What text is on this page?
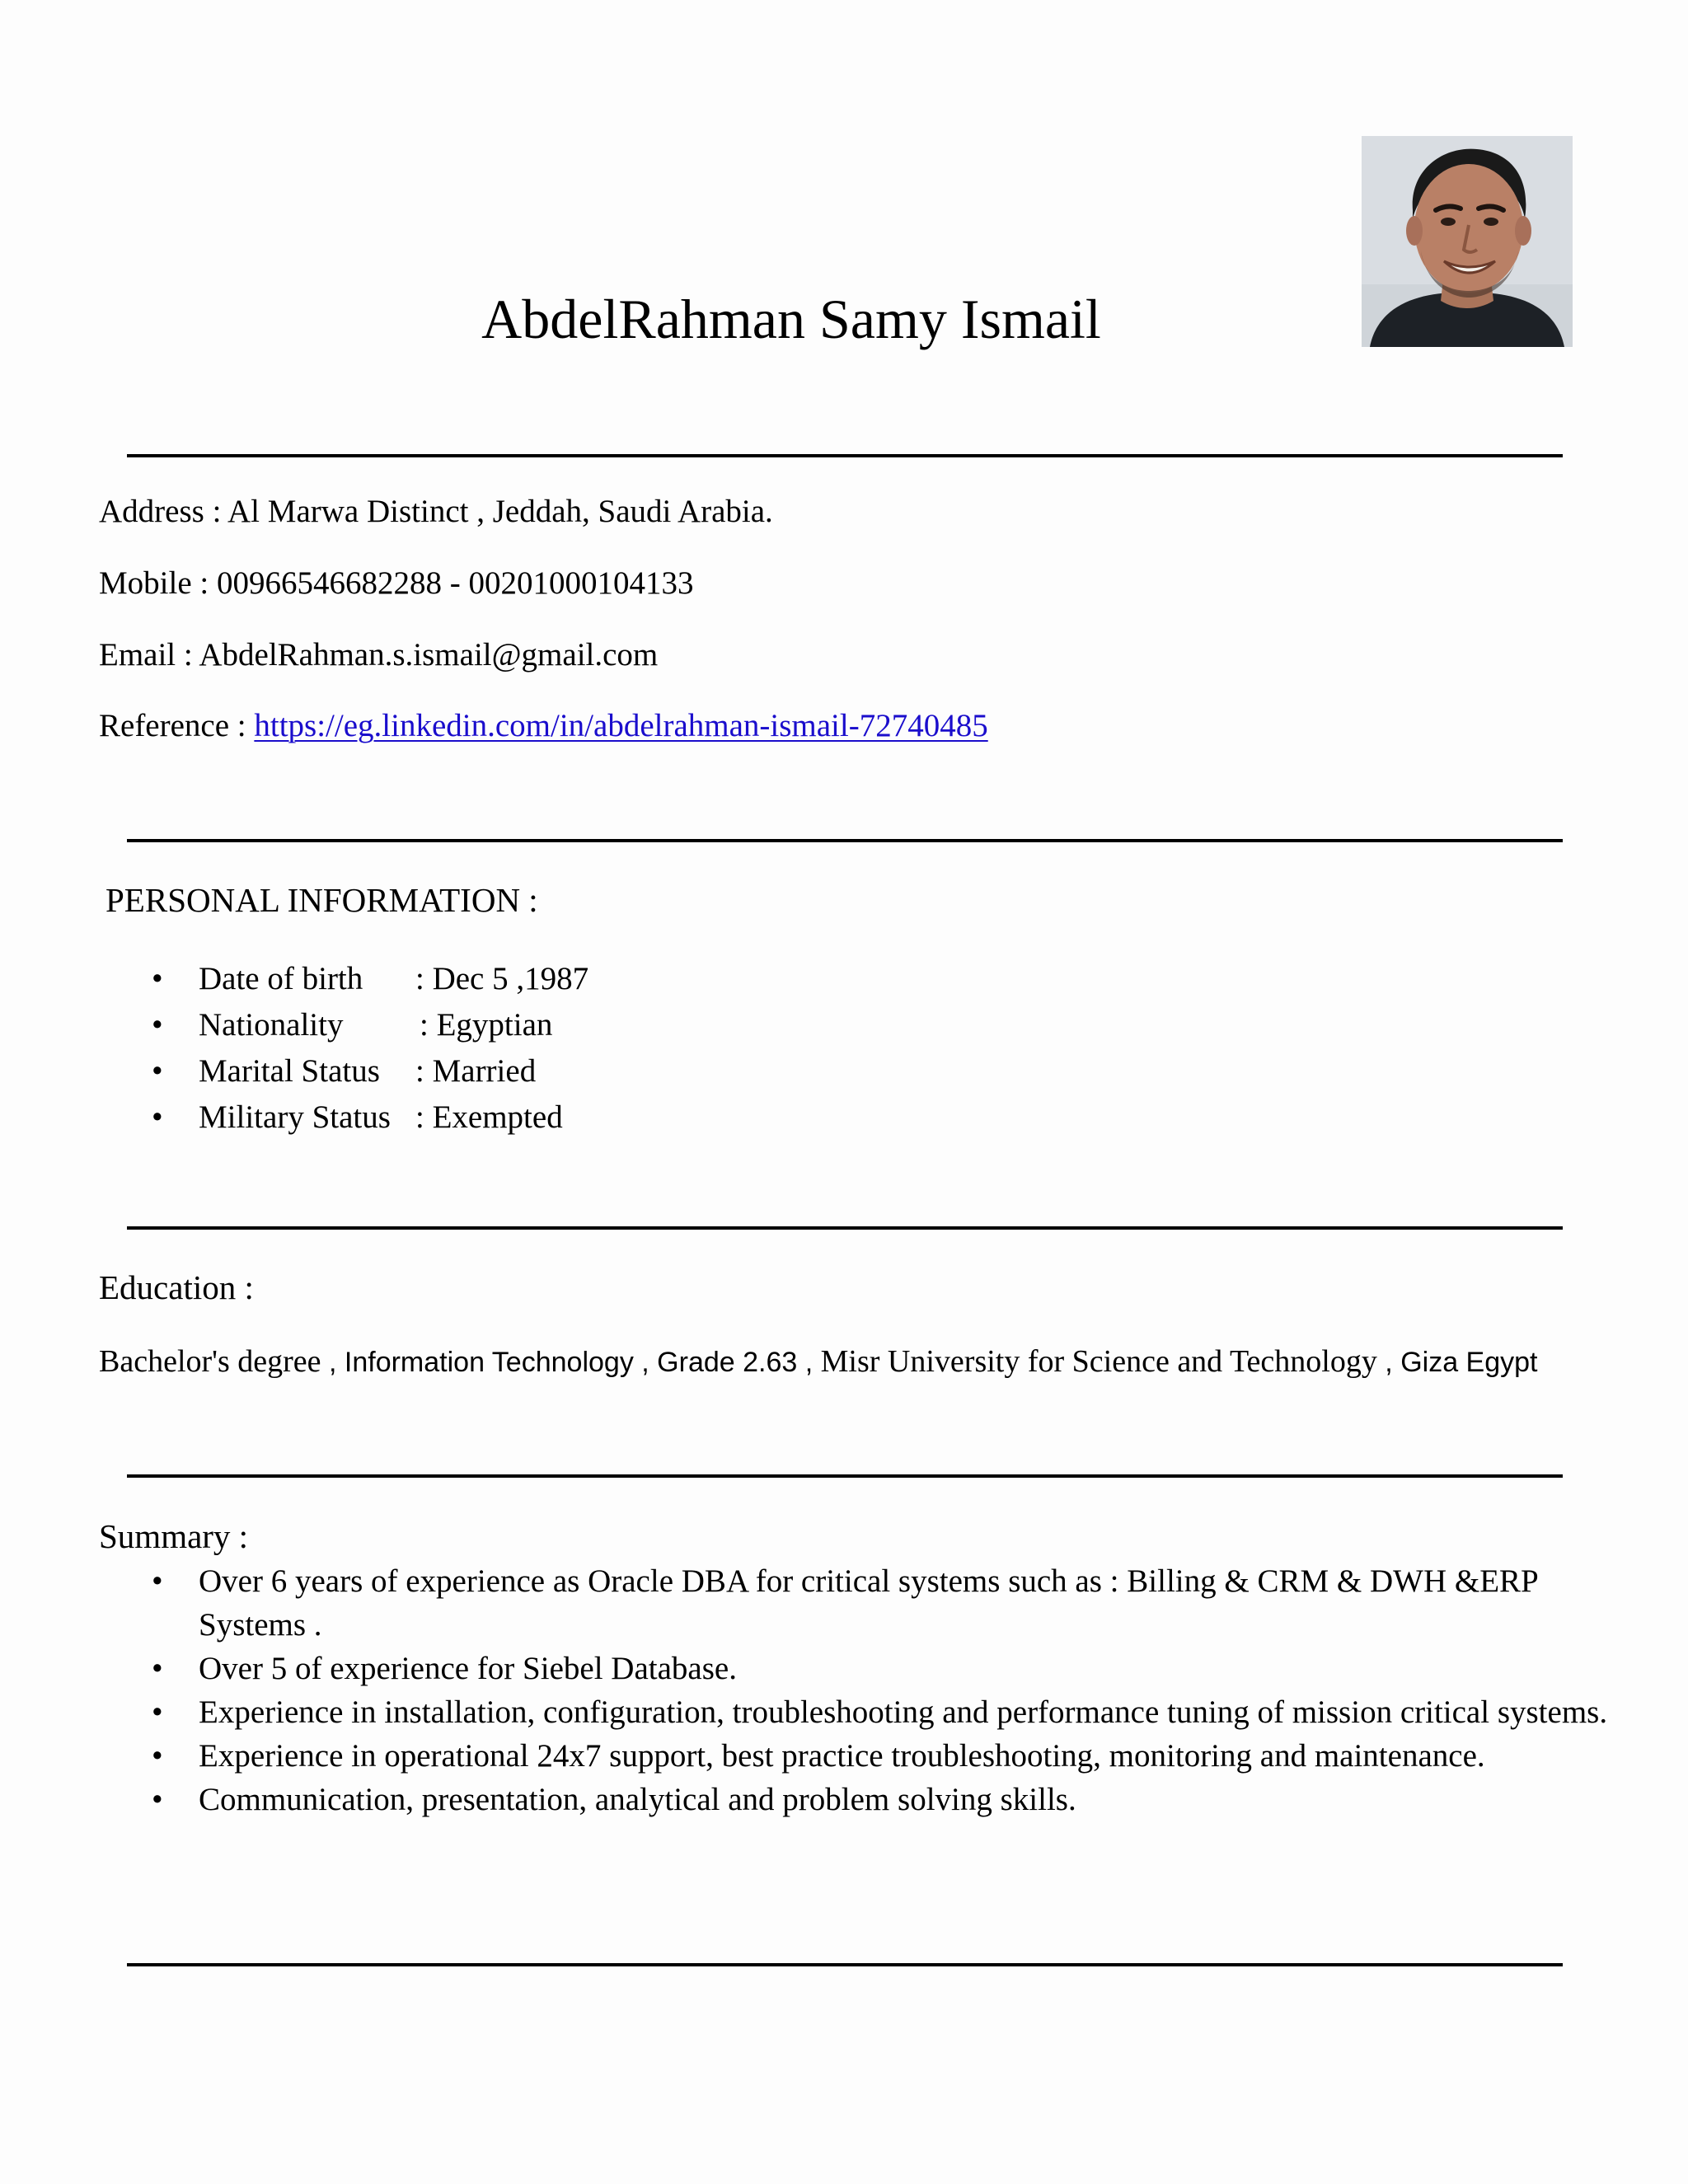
AbdelRahman Samy Ismail
Address : Al Marwa Distinct , Jeddah, Saudi Arabia.
Mobile : 00966546682288 - 00201000104133
Email : AbdelRahman.s.ismail@gmail.com
Reference : https://eg.linkedin.com/in/abdelrahman-ismail-72740485
PERSONAL INFORMATION :
• Date of birth : Dec 5 ,1987
• Nationality : Egyptian
• Marital Status : Married
• Military Status : Exempted
Education :
Bachelor's degree , Information Technology , Grade 2.63 , Misr University for Science and Technology , Giza Egypt
Summary :
• Over 6 years of experience as Oracle DBA for critical systems such as : Billing & CRM & DWH &ERP Systems .
• Over 5 of experience for Siebel Database.
• Experience in installation, configuration, troubleshooting and performance tuning of mission critical systems.
• Experience in operational 24x7 support, best practice troubleshooting, monitoring and maintenance.
• Communication, presentation, analytical and problem solving skills.
